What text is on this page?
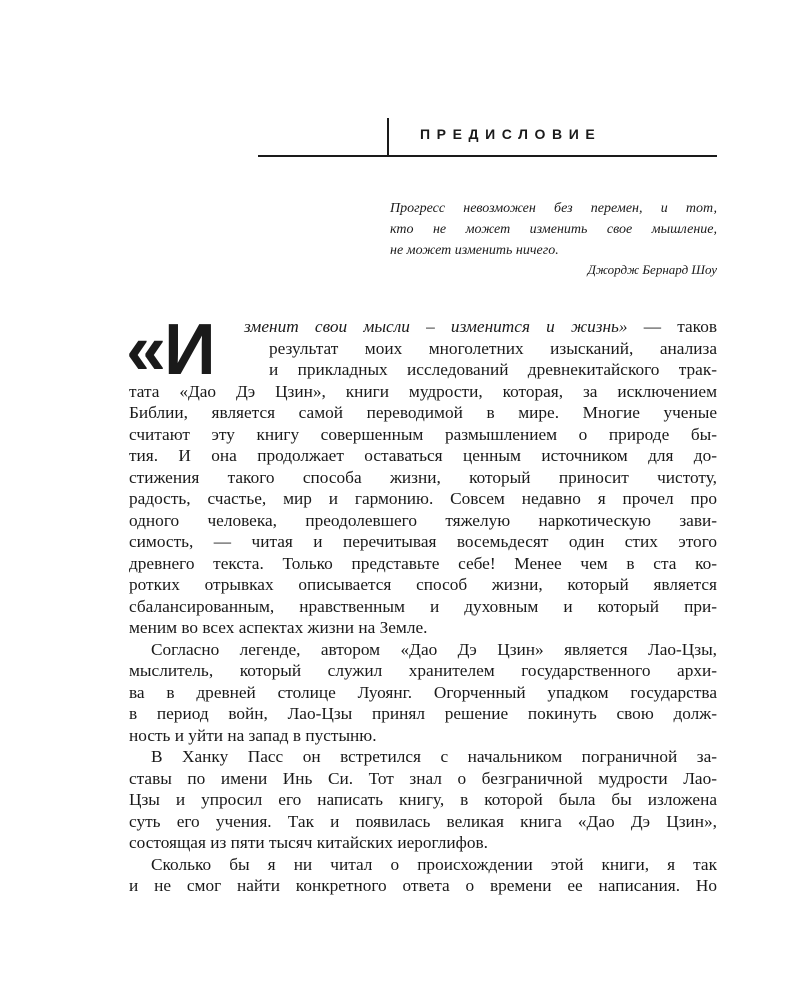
ПРЕДИСЛОВИЕ
Прогресс невозможен без перемен, и тот,
кто не может изменить свое мышление,
не может изменить ничего.
Джордж Бернард Шоу
«И зменит свои мысли – изменится и жизнь» — таков
результат моих многолетних изысканий, анализа
и прикладных исследований древнекитайского трак-
тата «Дао Дэ Цзин», книги мудрости, которая, за исключением
Библии, является самой переводимой в мире. Многие ученые
считают эту книгу совершенным размышлением о природе бы-
тия. И она продолжает оставаться ценным источником для до-
стижения такого способа жизни, который приносит чистоту,
радость, счастье, мир и гармонию. Совсем недавно я прочел про
одного человека, преодолевшего тяжелую наркотическую зави-
симость, — читая и перечитывая восемьдесят один стих этого
древнего текста. Только представьте себе! Менее чем в ста ко-
ротких отрывках описывается способ жизни, который является
сбалансированным, нравственным и духовным и который при-
меним во всех аспектах жизни на Земле.
Согласно легенде, автором «Дао Дэ Цзин» является Лао-Цзы,
мыслитель, который служил хранителем государственного архи-
ва в древней столице Луоянг. Огорченный упадком государства
в период войн, Лао-Цзы принял решение покинуть свою долж-
ность и уйти на запад в пустыню.
В Ханку Пасс он встретился с начальником пограничной за-
ставы по имени Инь Си. Тот знал о безграничной мудрости Лао-
Цзы и упросил его написать книгу, в которой была бы изложена
суть его учения. Так и появилась великая книга «Дао Дэ Цзин»,
состоящая из пяти тысяч китайских иероглифов.
Сколько бы я ни читал о происхождении этой книги, я так
и не смог найти конкретного ответа о времени ее написания. Но
